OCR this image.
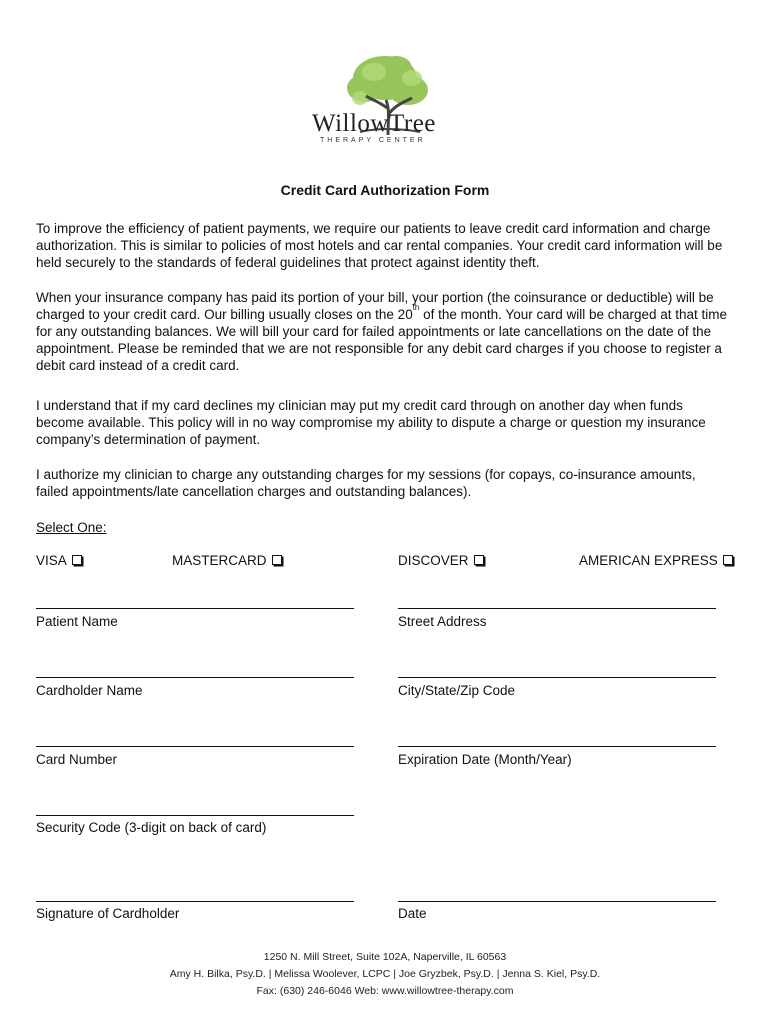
WillowTree
THERAPY CENTER
Credit Card Authorization Form

To improve the efficiency of patient payments, we require our patients to leave credit card information and charge authorization. This is similar to policies of most hotels and car rental companies. Your credit card information will be held securely to the standards of federal guidelines that protect against identity theft.

When your insurance company has paid its portion of your bill, your portion (the coinsurance or deductible) will be charged to your credit card. Our billing usually closes on the 20th of the month. Your card will be charged at that time for any outstanding balances. We will bill your card for failed appointments or late cancellations on the date of the appointment. Please be reminded that we are not responsible for any debit card charges if you choose to register a debit card instead of a credit card.

I understand that if my card declines my clinician may put my credit card through on another day when funds become available. This policy will in no way compromise my ability to dispute a charge or question my insurance company’s determination of payment.

I authorize my clinician to charge any outstanding charges for my sessions (for copays, co-insurance amounts, failed appointments/late cancellation charges and outstanding balances).

Select One:
VISA	MASTERCARD	DISCOVER	AMERICAN EXPRESS
Patient Name	Street Address
Cardholder Name	City/State/Zip Code
Card Number	Expiration Date (Month/Year)
Security Code (3-digit on back of card)
Signature of Cardholder	Date
1250 N. Mill Street, Suite 102A, Naperville, IL 60563
Amy H. Bilka, Psy.D. | Melissa Woolever, LCPC | Joe Gryzbek, Psy.D. | Jenna S. Kiel, Psy.D.
Fax: (630) 246-6046 Web: www.willowtree-therapy.com
